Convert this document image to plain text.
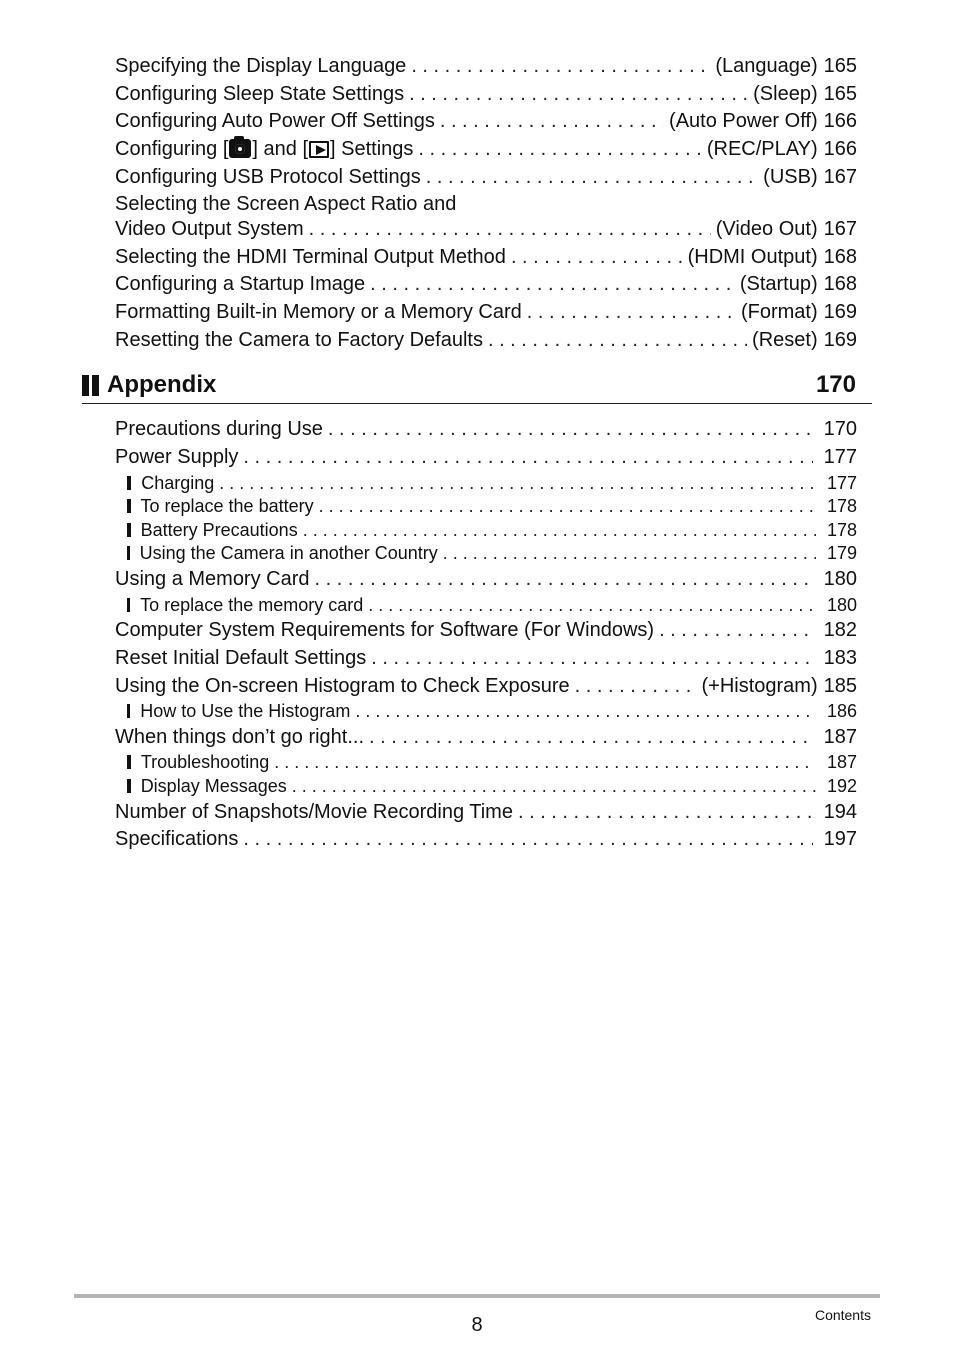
Specifying the Display Language . . .	(Language) 165
Configuring Sleep State Settings . . .	(Sleep) 165
Configuring Auto Power Off Settings . . .	(Auto Power Off) 166
Configuring [ ] and [ ] Settings . . .	(REC/PLAY) 166
Configuring USB Protocol Settings . . .	(USB) 167
Selecting the Screen Aspect Ratio and
Video Output System . . .	(Video Out) 167
Selecting the HDMI Terminal Output Method . . .	(HDMI Output) 168
Configuring a Startup Image . . .	(Startup) 168
Formatting Built-in Memory or a Memory Card . . .	(Format) 169
Resetting the Camera to Factory Defaults . . .	(Reset) 169
Appendix	170
Precautions during Use . . .	170
Power Supply . . .	177
Charging . . .	177
To replace the battery . . .	178
Battery Precautions . . .	178
Using the Camera in another Country . . .	179
Using a Memory Card . . .	180
To replace the memory card . . .	180
Computer System Requirements for Software (For Windows) . . .	182
Reset Initial Default Settings . . .	183
Using the On-screen Histogram to Check Exposure . . .	(+Histogram) 185
How to Use the Histogram . . .	186
When things don’t go right... . . .	187
Troubleshooting . . .	187
Display Messages . . .	192
Number of Snapshots/Movie Recording Time . . .	194
Specifications . . .	197
8	Contents
